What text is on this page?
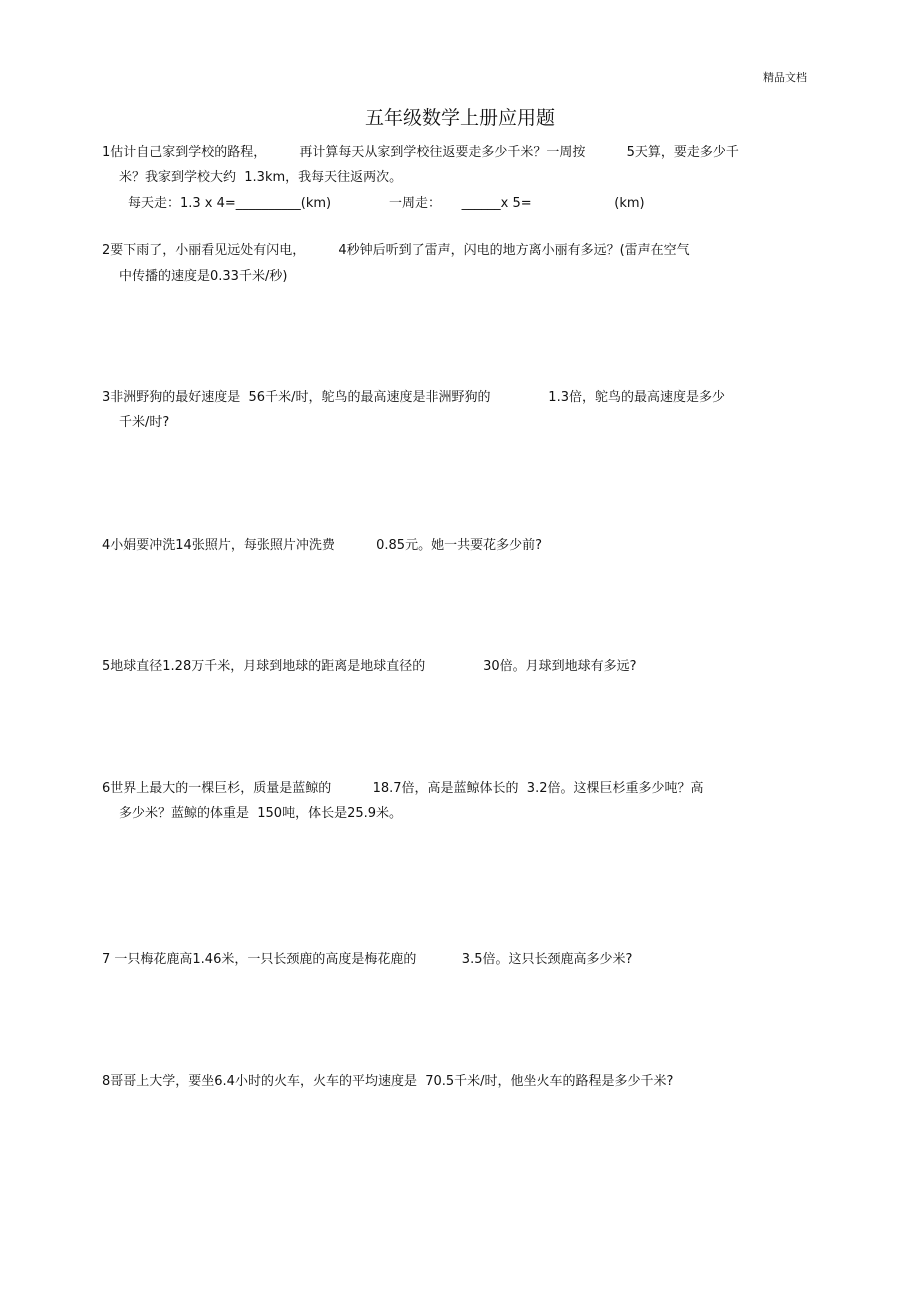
精品文档
五年级数学上册应用题
1估计自己家到学校的路程，        再计算每天从家到学校往返要走多少千米？一周按          5天算，要走多少千
米？我家到学校大约  1.3km，我每天往返两次。
每天走：1.3 x 4=__________(km)              一周走：     ______x 5=                    (km)
2要下雨了，小丽看见远处有闪电，        4秒钟后听到了雷声，闪电的地方离小丽有多远？(雷声在空气
中传播的速度是0.33千米/秒)
3非洲野狗的最好速度是  56千米/时，鸵鸟的最高速度是非洲野狗的              1.3倍，鸵鸟的最高速度是多少
千米/时?
4小娟要冲洗14张照片，每张照片冲洗费          0.85元。她一共要花多少前?
5地球直径1.28万千米，月球到地球的距离是地球直径的              30倍。月球到地球有多远?
6世界上最大的一棵巨杉，质量是蓝鲸的          18.7倍，高是蓝鲸体长的  3.2倍。这棵巨杉重多少吨？高
多少米？蓝鲸的体重是  150吨，体长是25.9米。
7 一只梅花鹿高1.46米，一只长颈鹿的高度是梅花鹿的           3.5倍。这只长颈鹿高多少米?
8哥哥上大学，要坐6.4小时的火车，火车的平均速度是  70.5千米/时，他坐火车的路程是多少千米?
